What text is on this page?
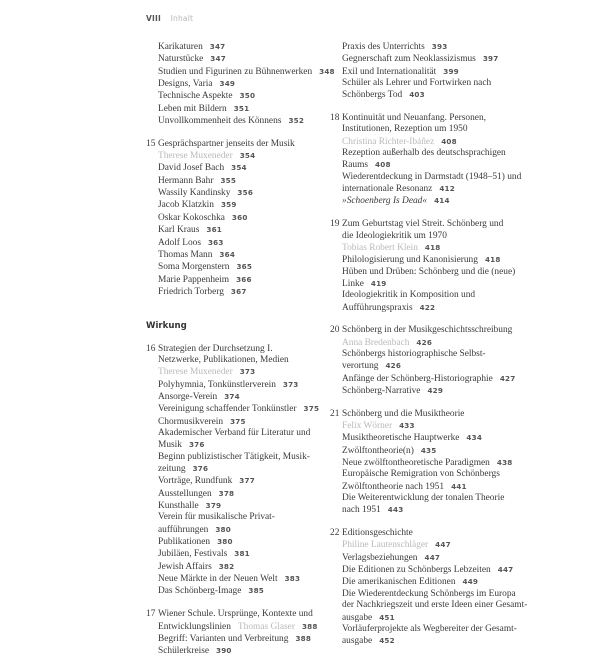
VIII Inhalt
Karikaturen 347
Naturstücke 347
Studien und Figurinen zu Bühnenwerken 348
Designs, Varia 349
Technische Aspekte 350
Leben mit Bildern 351
Unvollkommenheit des Könnens 352
15 Gesprächspartner jenseits der Musik
Therese Muxeneder 354
David Josef Bach 354
Hermann Bahr 355
Wassily Kandinsky 356
Jacob Klatzkin 359
Oskar Kokoschka 360
Karl Kraus 361
Adolf Loos 363
Thomas Mann 364
Soma Morgenstern 365
Marie Pappenheim 366
Friedrich Torberg 367
Wirkung
16 Strategien der Durchsetzung I.
Netzwerke, Publikationen, Medien
Therese Muxeneder 373
Polyhymnia, Tonkünstlerverein 373
Ansorge-Verein 374
Vereinigung schaffender Tonkünstler 375
Chormusikverein 375
Akademischer Verband für Literatur und
Musik 376
Beginn publizistischer Tätigkeit, Musik-
zeitung 376
Vorträge, Rundfunk 377
Ausstellungen 378
Kunsthalle 379
Verein für musikalische Privat-
aufführungen 380
Publikationen 380
Jubiläen, Festivals 381
Jewish Affairs 382
Neue Märkte in der Neuen Welt 383
Das Schönberg-Image 385
17 Wiener Schule. Ursprünge, Kontexte und
Entwicklungslinien Thomas Glaser 388
Begriff: Varianten und Verbreitung 388
Schülerkreise 390
Praxis des Unterrichts 393
Gegnerschaft zum Neoklassizismus 397
Exil und Internationalität 399
Schüler als Lehrer und Fortwirken nach
Schönbergs Tod 403
18 Kontinuität und Neuanfang. Personen,
Institutionen, Rezeption um 1950
Christina Richter-Ibáñez 408
Rezeption außerhalb des deutschsprachigen
Raums 408
Wiederentdeckung in Darmstadt (1948–51) und
internationale Resonanz 412
»Schoenberg Is Dead« 414
19 Zum Geburtstag viel Streit. Schönberg und
die Ideologiekritik um 1970
Tobias Robert Klein 418
Philologisierung und Kanonisierung 418
Hüben und Drüben: Schönberg und die (neue)
Linke 419
Ideologiekritik in Komposition und
Aufführungspraxis 422
20 Schönberg in der Musikgeschichtsschreibung
Anna Bredenbach 426
Schönbergs historiographische Selbst-
verortung 426
Anfänge der Schönberg-Historiographie 427
Schönberg-Narrative 429
21 Schönberg und die Musiktheorie
Felix Wörner 433
Musiktheoretische Hauptwerke 434
Zwölftontheorie(n) 435
Neue zwölftontheoretische Paradigmen 438
Europäische Remigration von Schönbergs
Zwölftontheorie nach 1951 441
Die Weiterentwicklung der tonalen Theorie
nach 1951 443
22 Editionsgeschichte
Philine Lautenschläger 447
Verlagsbeziehungen 447
Die Editionen zu Schönbergs Lebzeiten 447
Die amerikanischen Editionen 449
Die Wiederentdeckung Schönbergs im Europa
der Nachkriegszeit und erste Ideen einer Gesamt-
ausgabe 451
Vorläuferprojekte als Wegbereiter der Gesamt-
ausgabe 452
